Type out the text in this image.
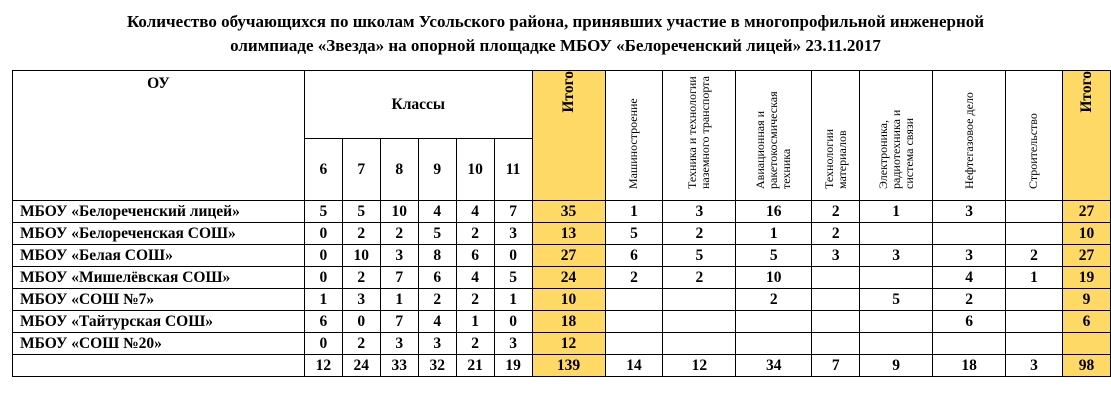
Количество обучающихся по школам Усольского района, принявших участие в многопрофильной инженерной
олимпиаде «Звезда» на опорной площадке МБОУ «Белореченский лицей» 23.11.2017
ОУ	Классы						Итого	Машиностроение	Техника и технологии наземного транспорта	Авиационная и ракетокосмическая техника	Технологии материалов	Электроника, радиотехника и система связи	Нефтегазовое дело	Строительство	Итого
	6	7	8	9	10	11									
МБОУ «Белореченский лицей»	5	5	10	4	4	7	35	1	3	16	2	1	3		27
МБОУ «Белореченская СОШ»	0	2	2	5	2	3	13	5	2	1	2				10
МБОУ «Белая СОШ»	0	10	3	8	6	0	27	6	5	5	3	3	3	2	27
МБОУ «Мишелёвская СОШ»	0	2	7	6	4	5	24	2	2	10			4	1	19
МБОУ «СОШ №7»	1	3	1	2	2	1	10			2		5	2		9
МБОУ «Тайтурская СОШ»	6	0	7	4	1	0	18						6		6
МБОУ «СОШ №20»	0	2	3	3	2	3	12								
	12	24	33	32	21	19	139	14	12	34	7	9	18	3	98
